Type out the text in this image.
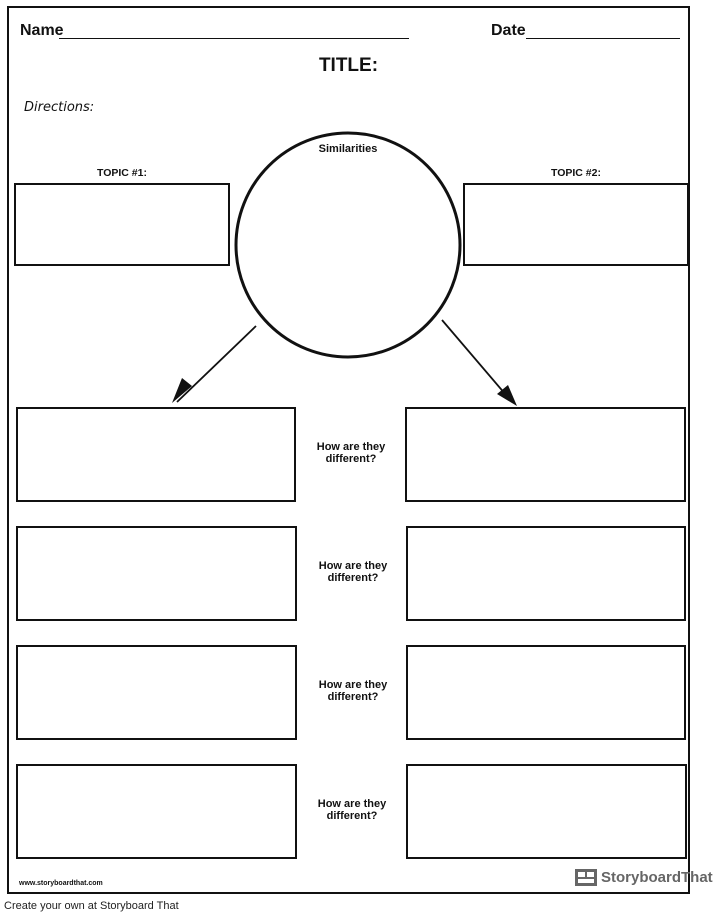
Name	Date
TITLE:
Directions:
TOPIC #1:	TOPIC #2:
Similarities
How are they
different?
How are they
different?
How are they
different?
How are they
different?
www.storyboardthat.com	StoryboardThat
Create your own at Storyboard That
